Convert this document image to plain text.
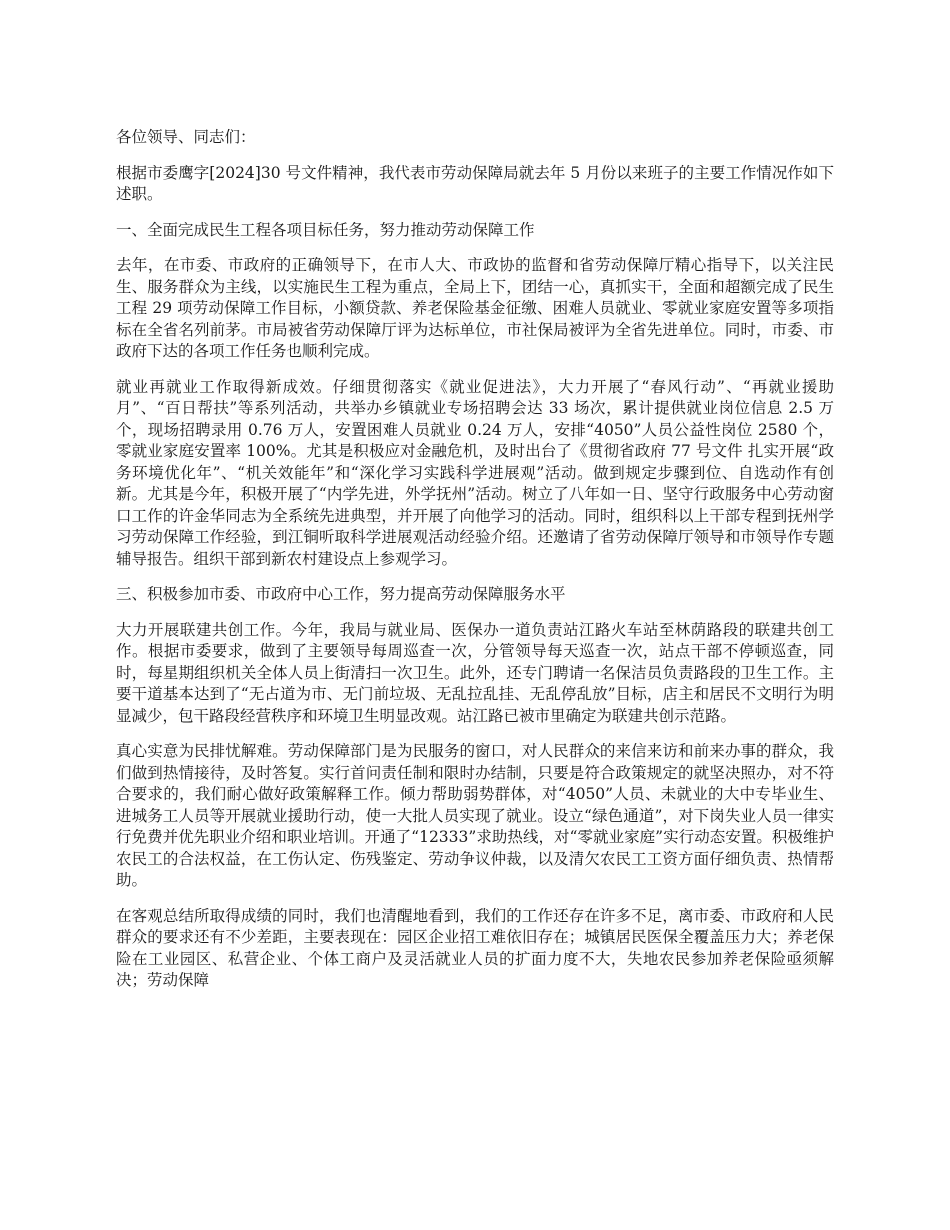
各位领导、同志们：

根据市委鹰字[2024]30 号文件精神，我代表市劳动保障局就去年 5 月份以来班子的主要工作情况作如下述职。

一、全面完成民生工程各项目标任务，努力推动劳动保障工作

去年，在市委、市政府的正确领导下，在市人大、市政协的监督和省劳动保障厅精心指导下，以关注民生、服务群众为主线，以实施民生工程为重点，全局上下，团结一心，真抓实干，全面和超额完成了民生工程 29 项劳动保障工作目标，小额贷款、养老保险基金征缴、困难人员就业、零就业家庭安置等多项指标在全省名列前茅。市局被省劳动保障厅评为达标单位，市社保局被评为全省先进单位。同时，市委、市政府下达的各项工作任务也顺利完成。

就业再就业工作取得新成效。仔细贯彻落实《就业促进法》，大力开展了“春风行动”、“再就业援助月”、“百日帮扶”等系列活动，共举办乡镇就业专场招聘会达 33 场次，累计提供就业岗位信息 2.5 万个，现场招聘录用 0.76 万人，安置困难人员就业 0.24 万人，安排“4050”人员公益性岗位 2580 个，零就业家庭安置率 100%。尤其是积极应对金融危机，及时出台了《贯彻省政府 77 号文件 扎实开展“政务环境优化年”、“机关效能年”和“深化学习实践科学进展观”活动。做到规定步骤到位、自选动作有创新。尤其是今年，积极开展了“内学先进，外学抚州”活动。树立了八年如一日、坚守行政服务中心劳动窗口工作的许金华同志为全系统先进典型，并开展了向他学习的活动。同时，组织科以上干部专程到抚州学习劳动保障工作经验，到江铜听取科学进展观活动经验介绍。还邀请了省劳动保障厅领导和市领导作专题辅导报告。组织干部到新农村建设点上参观学习。

三、积极参加市委、市政府中心工作，努力提高劳动保障服务水平

大力开展联建共创工作。今年，我局与就业局、医保办一道负责站江路火车站至林荫路段的联建共创工作。根据市委要求，做到了主要领导每周巡查一次，分管领导每天巡查一次，站点干部不停顿巡查，同时，每星期组织机关全体人员上街清扫一次卫生。此外，还专门聘请一名保洁员负责路段的卫生工作。主要干道基本达到了“无占道为市、无门前垃圾、无乱拉乱挂、无乱停乱放”目标，店主和居民不文明行为明显减少，包干路段经营秩序和环境卫生明显改观。站江路已被市里确定为联建共创示范路。

真心实意为民排忧解难。劳动保障部门是为民服务的窗口，对人民群众的来信来访和前来办事的群众，我们做到热情接待，及时答复。实行首问责任制和限时办结制，只要是符合政策规定的就坚决照办，对不符合要求的，我们耐心做好政策解释工作。倾力帮助弱势群体，对“4050”人员、未就业的大中专毕业生、进城务工人员等开展就业援助行动，使一大批人员实现了就业。设立“绿色通道”，对下岗失业人员一律实行免费并优先职业介绍和职业培训。开通了“12333”求助热线，对“零就业家庭”实行动态安置。积极维护农民工的合法权益，在工伤认定、伤残鉴定、劳动争议仲裁，以及清欠农民工工资方面仔细负责、热情帮助。

在客观总结所取得成绩的同时，我们也清醒地看到，我们的工作还存在许多不足，离市委、市政府和人民群众的要求还有不少差距，主要表现在：园区企业招工难依旧存在；城镇居民医保全覆盖压力大；养老保险在工业园区、私营企业、个体工商户及灵活就业人员的扩面力度不大，失地农民参加养老保险亟须解决；劳动保障
